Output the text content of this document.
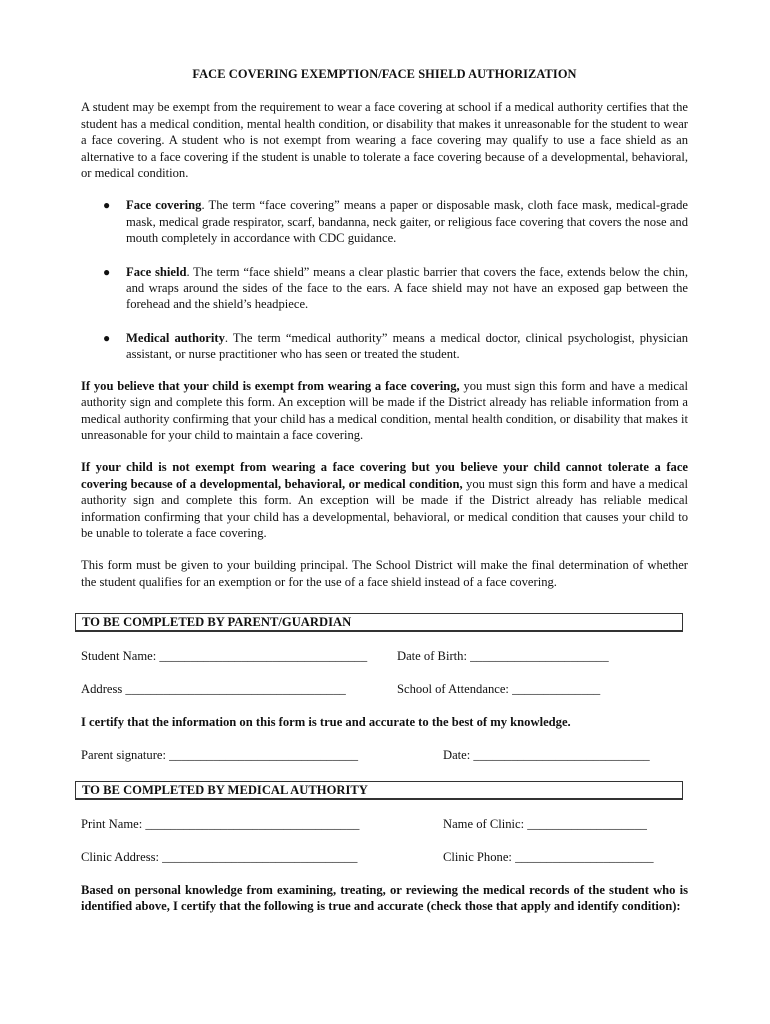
FACE COVERING EXEMPTION/FACE SHIELD AUTHORIZATION

A student may be exempt from the requirement to wear a face covering at school if a medical authority certifies that the student has a medical condition, mental health condition, or disability that makes it unreasonable for the student to wear a face covering. A student who is not exempt from wearing a face covering may qualify to use a face shield as an alternative to a face covering if the student is unable to tolerate a face covering because of a developmental, behavioral, or medical condition.

● Face covering. The term “face covering” means a paper or disposable mask, cloth face mask, medical-grade mask, medical grade respirator, scarf, bandanna, neck gaiter, or religious face covering that covers the nose and mouth completely in accordance with CDC guidance.
● Face shield. The term “face shield” means a clear plastic barrier that covers the face, extends below the chin, and wraps around the sides of the face to the ears. A face shield may not have an exposed gap between the forehead and the shield’s headpiece.
● Medical authority. The term “medical authority” means a medical doctor, clinical psychologist, physician assistant, or nurse practitioner who has seen or treated the student.

If you believe that your child is exempt from wearing a face covering, you must sign this form and have a medical authority sign and complete this form. An exception will be made if the District already has reliable information from a medical authority confirming that your child has a medical condition, mental health condition, or disability that makes it unreasonable for your child to maintain a face covering.

If your child is not exempt from wearing a face covering but you believe your child cannot tolerate a face covering because of a developmental, behavioral, or medical condition, you must sign this form and have a medical authority sign and complete this form. An exception will be made if the District already has reliable medical information confirming that your child has a developmental, behavioral, or medical condition that causes your child to be unable to tolerate a face covering.

This form must be given to your building principal. The School District will make the final determination of whether the student qualifies for an exemption or for the use of a face shield instead of a face covering.

TO BE COMPLETED BY PARENT/GUARDIAN
Student Name: _________________________________ Date of Birth: ______________________
Address ___________________________________	School of Attendance: ______________
I certify that the information on this form is true and accurate to the best of my knowledge.
Parent signature: ______________________________	Date: ____________________________
TO BE COMPLETED BY MEDICAL AUTHORITY
Print Name: __________________________________	Name of Clinic: ___________________
Clinic Address: _______________________________	Clinic Phone: ______________________

Based on personal knowledge from examining, treating, or reviewing the medical records of the student who is identified above, I certify that the following is true and accurate (check those that apply and identify condition):
